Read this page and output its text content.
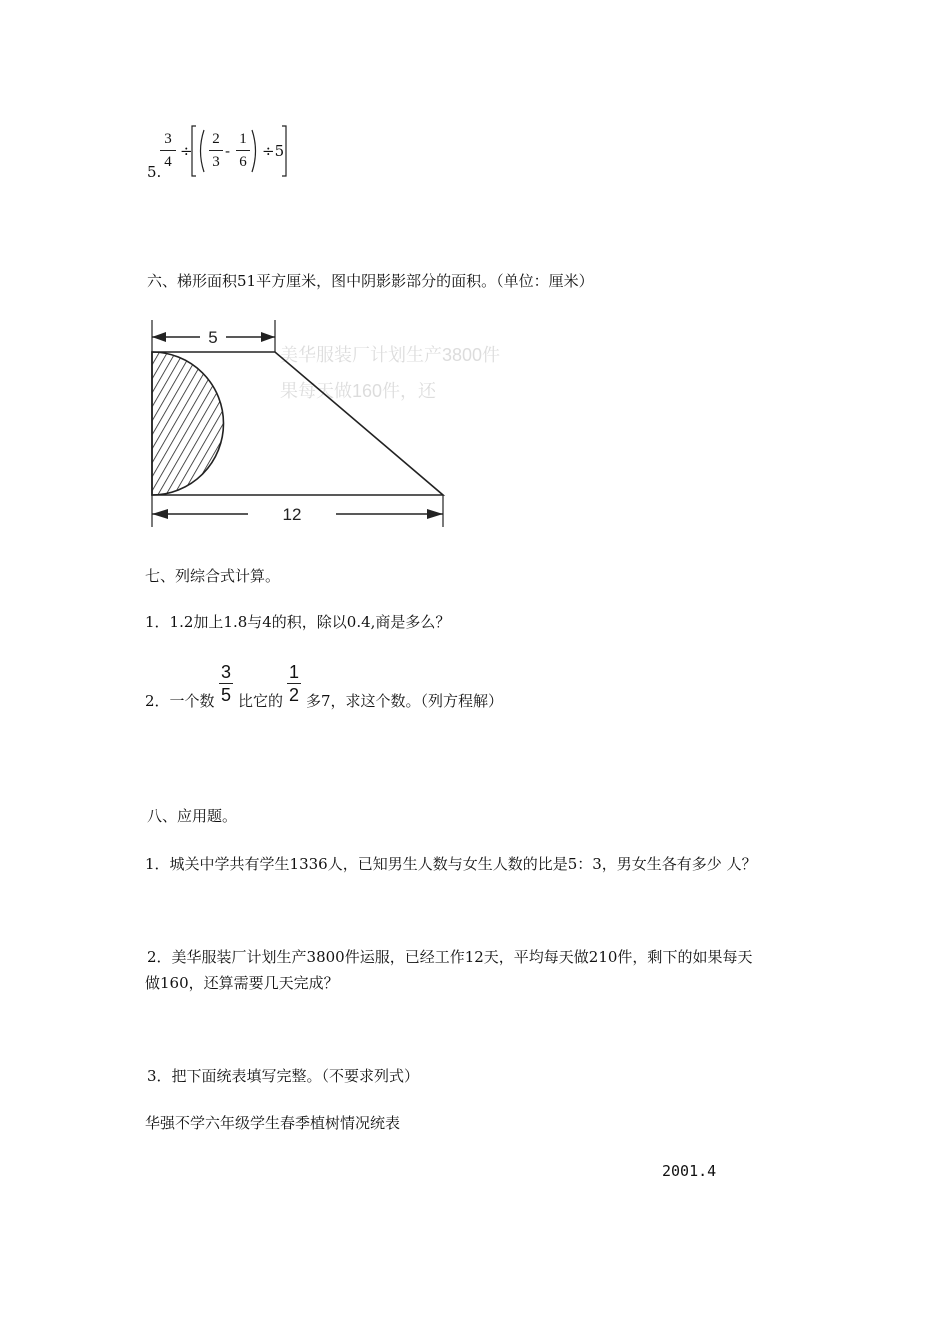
5.
3
4
÷
2
3
-
1
6
÷5
六、梯形面积51平方厘米，图中阴影影部分的面积。（单位：厘米）
美华服装厂计划生产3800件
果每天做160件，还
5
12
七、列综合式计算。
1．1.2加上1.8与4的积，除以0.4,商是多么？
2．一个数
3
5 比它的
1
2 多7，求这个数。（列方程解）
八、应用题。
1．城关中学共有学生1336人，已知男生人数与女生人数的比是5：3，男女生各有多少 人？
2．美华服装厂计划生产3800件运服，已经工作12天，平均每天做210件，剩下的如果每天
做160，还算需要几天完成？
3．把下面统表填写完整。（不要求列式）
华强不学六年级学生春季植树情况统表
2001.4
